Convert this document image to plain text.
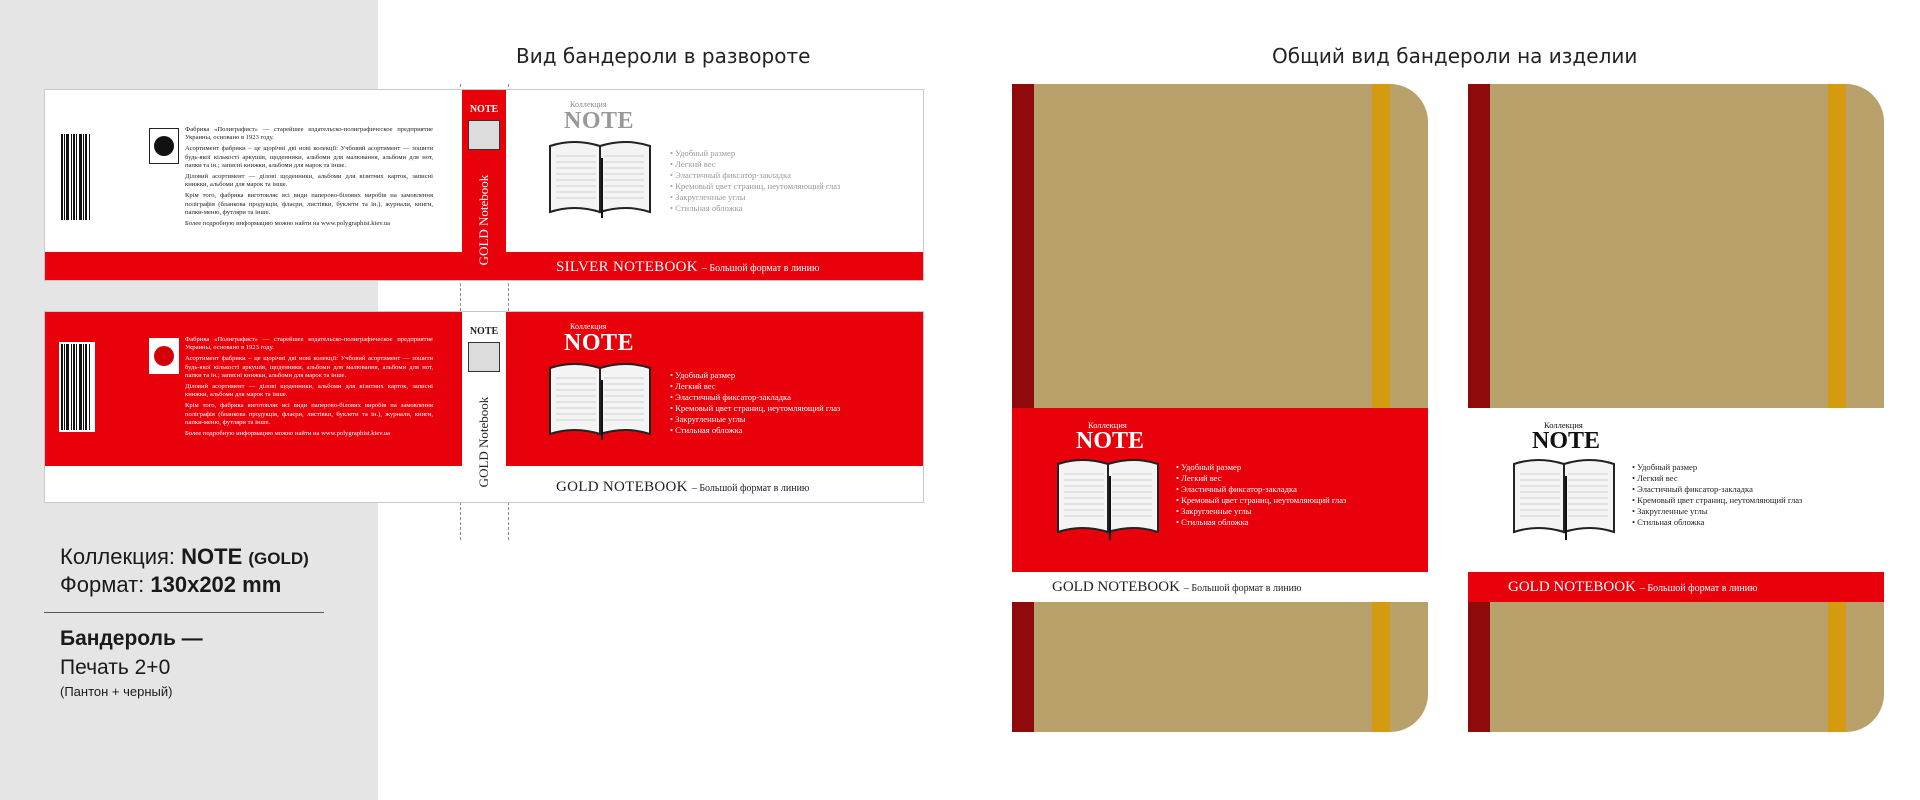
Вид бандероли в развороте	Общий вид бандероли на изделии

Фабрика «Полиграфист» — старейшее издательско-полиграфическое предприятие Украины, основано в 1923 году.

Асортимент фабрики – це щорічні дві нові колекції: Учбовий асортимент — зошити будь-якої кількості аркушів, щоденники, альбоми для малювання, альбоми для нот, папки та ін.; записні книжки, альбоми для марок та інше.

Діловий асортимент — ділові щоденники, альбоми для візитних карток, записні книжки, альбоми для марок та інше.

Крім того, фабрика виготовляє всі види паперово-білових виробів на замовлення поліграфія (бланкова продукція, флаєри, листівки, буклети та ін.), журнали, книги, папки-меню, футляри та інше.

Более подробную информацию можно найти на www.polygraphist.kiev.ua

NOTE
GOLD Notebook
Коллекция
NOTE
• Удобный размер
• Легкий вес
• Эластичный фиксатор-закладка
• Кремовый цвет страниц, неутомляющий глаз
• Закругленные углы
• Стильная обложка
SILVER NOTEBOOK – Большой формат в линию

Фабрика «Полиграфист» — старейшее издательско-полиграфическое предприятие Украины, основано в 1923 году.

Асортимент фабрики – це щорічні дві нові колекції: Учбовий асортимент — зошити будь-якої кількості аркушів, щоденники, альбоми для малювання, альбоми для нот, папки та ін.; записні книжки, альбоми для марок та інше.

Діловий асортимент — ділові щоденники, альбоми для візитних карток, записні книжки, альбоми для марок та інше.

Крім того, фабрика виготовляє всі види паперово-білових виробів на замовлення поліграфія (бланкова продукція, флаєри, листівки, буклети та ін.), журнали, книги, папки-меню, футляри та інше.

Более подробную информацию можно найти на www.polygraphist.kiev.ua

NOTE
GOLD Notebook
Коллекция
NOTE
• Удобный размер
• Легкий вес
• Эластичный фиксатор-закладка
• Кремовый цвет страниц, неутомляющий глаз
• Закругленные углы
• Стильная обложка
GOLD NOTEBOOK – Большой формат в линию
Коллекция: NOTE (GOLD)
Формат: 130x202 mm
Бандероль —
Печать 2+0
(Пантон + черный)
Коллекция
NOTE
• Удобный размер
• Легкий вес
• Эластичный фиксатор-закладка
• Кремовый цвет страниц, неутомляющий глаз
• Закругленные углы
• Стильная обложка
GOLD NOTEBOOK – Большой формат в линию
Коллекция
NOTE
• Удобный размер
• Легкий вес
• Эластичный фиксатор-закладка
• Кремовый цвет страниц, неутомляющий глаз
• Закругленные углы
• Стильная обложка
GOLD NOTEBOOK – Большой формат в линию
